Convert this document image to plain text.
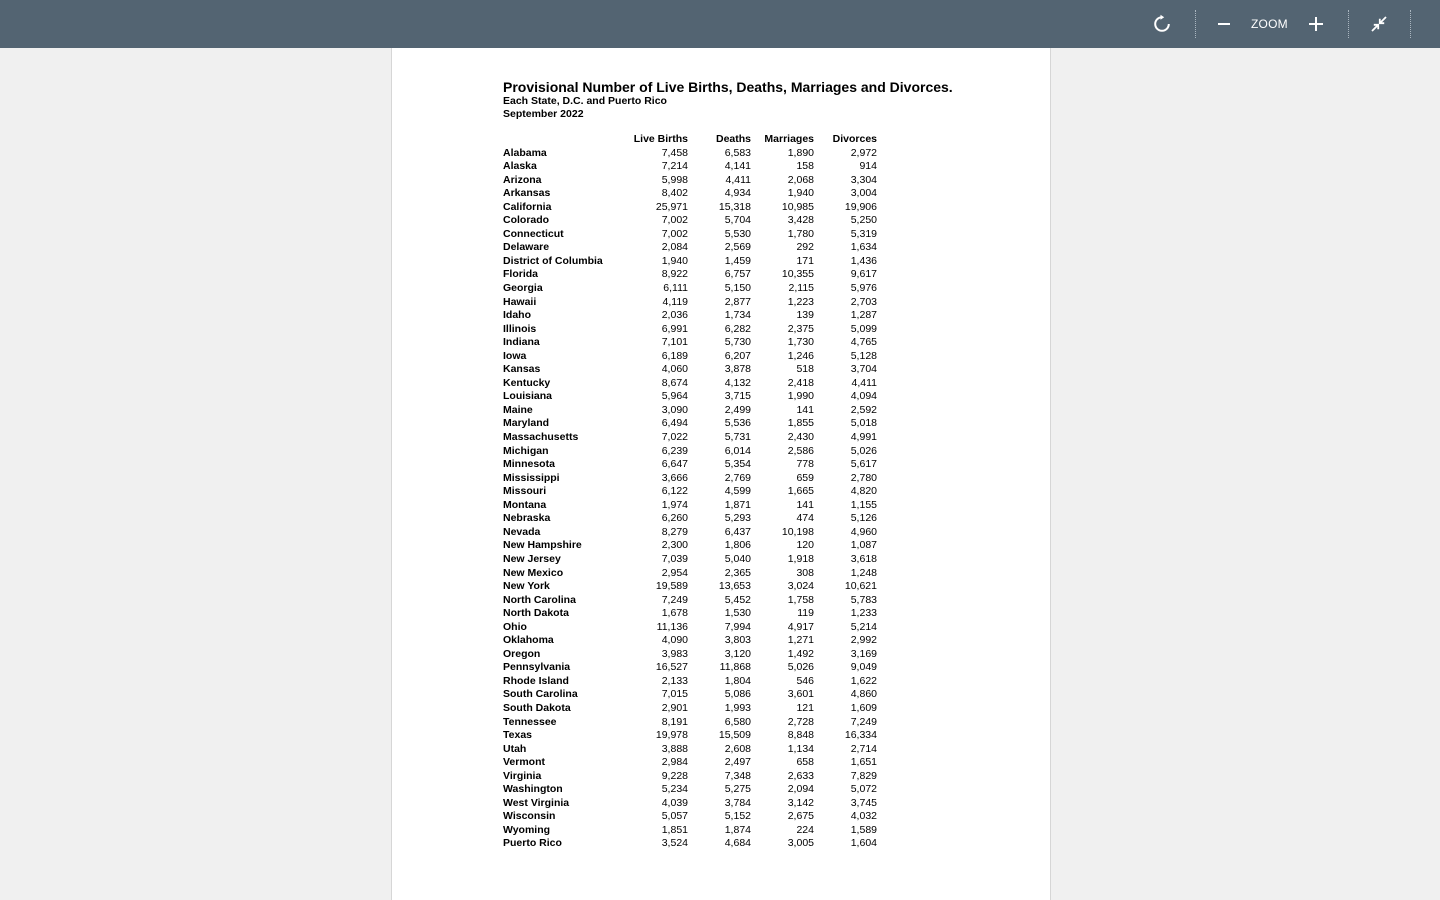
ZOOM

Provisional Number of Live Births, Deaths, Marriages and Divorces.

Each State, D.C. and Puerto Rico

September 2022

	Live Births	Deaths	Marriages	Divorces
Alabama	7,458	6,583	1,890	2,972
Alaska	7,214	4,141	158	914
Arizona	5,998	4,411	2,068	3,304
Arkansas	8,402	4,934	1,940	3,004
California	25,971	15,318	10,985	19,906
Colorado	7,002	5,704	3,428	5,250
Connecticut	7,002	5,530	1,780	5,319
Delaware	2,084	2,569	292	1,634
District of Columbia	1,940	1,459	171	1,436
Florida	8,922	6,757	10,355	9,617
Georgia	6,111	5,150	2,115	5,976
Hawaii	4,119	2,877	1,223	2,703
Idaho	2,036	1,734	139	1,287
Illinois	6,991	6,282	2,375	5,099
Indiana	7,101	5,730	1,730	4,765
Iowa	6,189	6,207	1,246	5,128
Kansas	4,060	3,878	518	3,704
Kentucky	8,674	4,132	2,418	4,411
Louisiana	5,964	3,715	1,990	4,094
Maine	3,090	2,499	141	2,592
Maryland	6,494	5,536	1,855	5,018
Massachusetts	7,022	5,731	2,430	4,991
Michigan	6,239	6,014	2,586	5,026
Minnesota	6,647	5,354	778	5,617
Mississippi	3,666	2,769	659	2,780
Missouri	6,122	4,599	1,665	4,820
Montana	1,974	1,871	141	1,155
Nebraska	6,260	5,293	474	5,126
Nevada	8,279	6,437	10,198	4,960
New Hampshire	2,300	1,806	120	1,087
New Jersey	7,039	5,040	1,918	3,618
New Mexico	2,954	2,365	308	1,248
New York	19,589	13,653	3,024	10,621
North Carolina	7,249	5,452	1,758	5,783
North Dakota	1,678	1,530	119	1,233
Ohio	11,136	7,994	4,917	5,214
Oklahoma	4,090	3,803	1,271	2,992
Oregon	3,983	3,120	1,492	3,169
Pennsylvania	16,527	11,868	5,026	9,049
Rhode Island	2,133	1,804	546	1,622
South Carolina	7,015	5,086	3,601	4,860
South Dakota	2,901	1,993	121	1,609
Tennessee	8,191	6,580	2,728	7,249
Texas	19,978	15,509	8,848	16,334
Utah	3,888	2,608	1,134	2,714
Vermont	2,984	2,497	658	1,651
Virginia	9,228	7,348	2,633	7,829
Washington	5,234	5,275	2,094	5,072
West Virginia	4,039	3,784	3,142	3,745
Wisconsin	5,057	5,152	2,675	4,032
Wyoming	1,851	1,874	224	1,589
Puerto Rico	3,524	4,684	3,005	1,604
